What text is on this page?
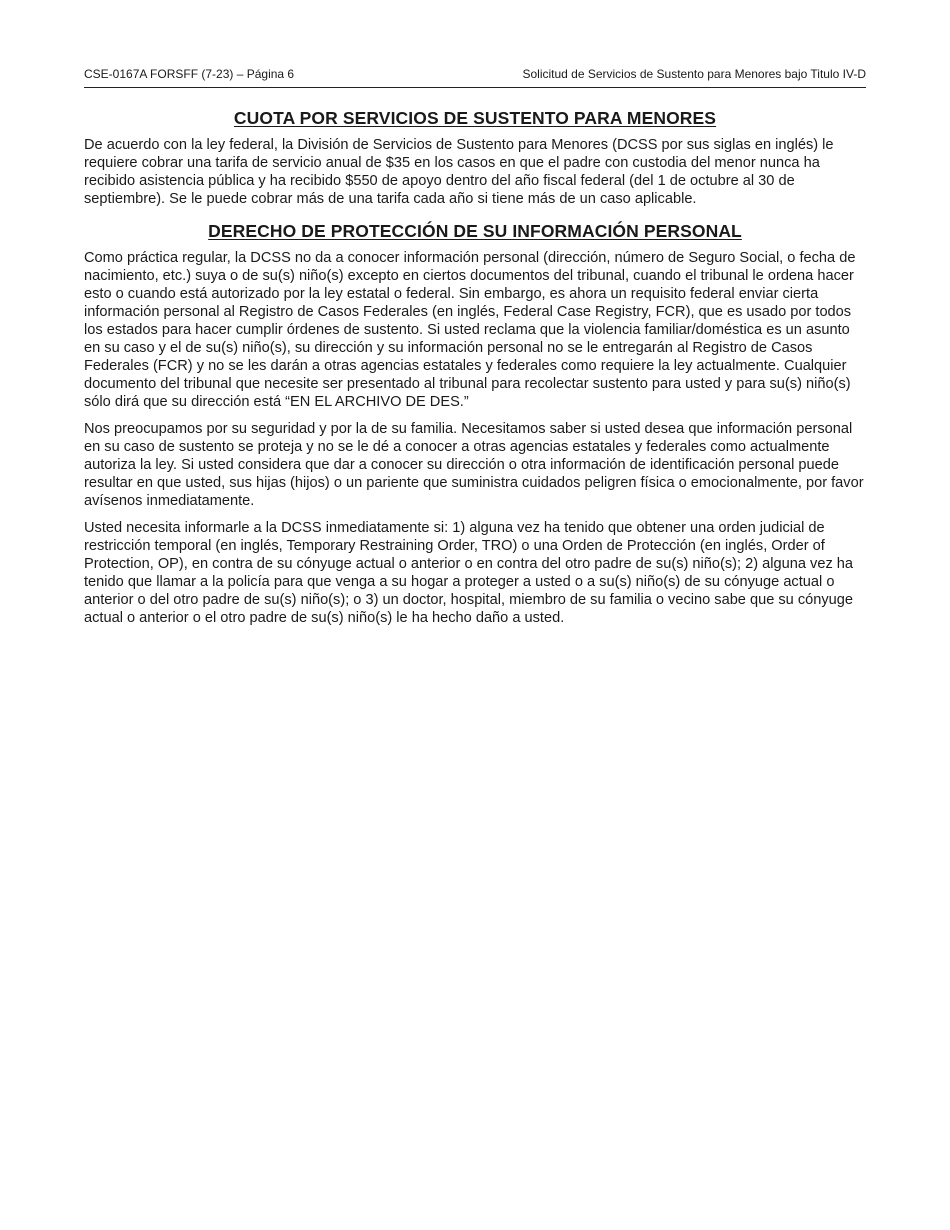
CSE-0167A FORSFF (7-23) – Página 6	Solicitud de Servicios de Sustento para Menores bajo Titulo IV-D
CUOTA POR SERVICIOS DE SUSTENTO PARA MENORES

De acuerdo con la ley federal, la División de Servicios de Sustento para Menores (DCSS por sus siglas en inglés) le requiere cobrar una tarifa de servicio anual de $35 en los casos en que el padre con custodia del menor nunca ha recibido asistencia pública y ha recibido $550 de apoyo dentro del año fiscal federal (del 1 de octubre al 30 de septiembre). Se le puede cobrar más de una tarifa cada año si tiene más de un caso aplicable.

DERECHO DE PROTECCIÓN DE SU INFORMACIÓN PERSONAL

Como práctica regular, la DCSS no da a conocer información personal (dirección, número de Seguro Social, o fecha de nacimiento, etc.) suya o de su(s) niño(s) excepto en ciertos documentos del tribunal, cuando el tribunal le ordena hacer esto o cuando está autorizado por la ley estatal o federal. Sin embargo, es ahora un requisito federal enviar cierta información personal al Registro de Casos Federales (en inglés, Federal Case Registry, FCR), que es usado por todos los estados para hacer cumplir órdenes de sustento. Si usted reclama que la violencia familiar/doméstica es un asunto en su caso y el de su(s) niño(s), su dirección y su información personal no se le entregarán al Registro de Casos Federales (FCR) y no se les darán a otras agencias estatales y federales como requiere la ley actualmente. Cualquier documento del tribunal que necesite ser presentado al tribunal para recolectar sustento para usted y para su(s) niño(s) sólo dirá que su dirección está “EN EL ARCHIVO DE DES.”

Nos preocupamos por su seguridad y por la de su familia. Necesitamos saber si usted desea que información personal en su caso de sustento se proteja y no se le dé a conocer a otras agencias estatales y federales como actualmente autoriza la ley. Si usted considera que dar a conocer su dirección o otra información de identificación personal puede resultar en que usted, sus hijas (hijos) o un pariente que suministra cuidados peligren física o emocionalmente, por favor avísenos inmediatamente.

Usted necesita informarle a la DCSS inmediatamente si: 1) alguna vez ha tenido que obtener una orden judicial de restricción temporal (en inglés, Temporary Restraining Order, TRO) o una Orden de Protección (en inglés, Order of Protection, OP), en contra de su cónyuge actual o anterior o en contra del otro padre de su(s) niño(s); 2) alguna vez ha tenido que llamar a la policía para que venga a su hogar a proteger a usted o a su(s) niño(s) de su cónyuge actual o anterior o del otro padre de su(s) niño(s); o 3) un doctor, hospital, miembro de su familia o vecino sabe que su cónyuge actual o anterior o el otro padre de su(s) niño(s) le ha hecho daño a usted.
